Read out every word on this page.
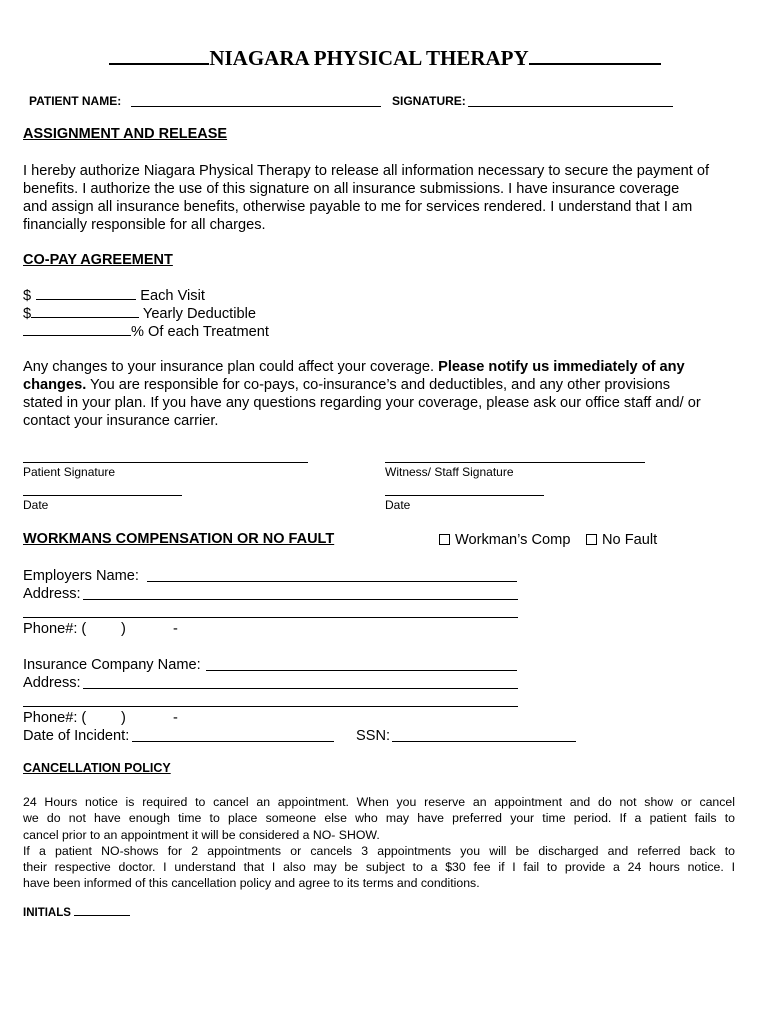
NIAGARA PHYSICAL THERAPY
PATIENT NAME:	SIGNATURE:
ASSIGNMENT AND RELEASE
I hereby authorize Niagara Physical Therapy to release all information necessary to secure the payment of
benefits. I authorize the use of this signature on all insurance submissions. I have insurance coverage
and assign all insurance benefits, otherwise payable to me for services rendered. I understand that I am
financially responsible for all charges.
CO-PAY AGREEMENT
$	Each Visit
$	Yearly Deductible
% Of each Treatment
Any changes to your insurance plan could affect your coverage. Please notify us immediately of any
changes. You are responsible for co-pays, co-insurance’s and deductibles, and any other provisions
stated in your plan. If you have any questions regarding your coverage, please ask our office staff and/ or
contact your insurance carrier.
Patient Signature	Witness/ Staff Signature
Date	Date
WORKMANS COMPENSATION OR NO FAULT	Workman’s Comp	No Fault
Employers Name:
Address:
Phone#: ( )	-
Insurance Company Name:
Address:
Phone#: ( )	-
Date of Incident:	SSN:
CANCELLATION POLICY
24 Hours notice is required to cancel an appointment. When you reserve an appointment and do not show or cancel
we do not have enough time to place someone else who may have preferred your time period. If a patient fails to
cancel prior to an appointment it will be considered a NO- SHOW.
If a patient NO-shows for 2 appointments or cancels 3 appointments you will be discharged and referred back to
their respective doctor. I understand that I also may be subject to a $30 fee if I fail to provide a 24 hours notice. I
have been informed of this cancellation policy and agree to its terms and conditions.
INITIALS
